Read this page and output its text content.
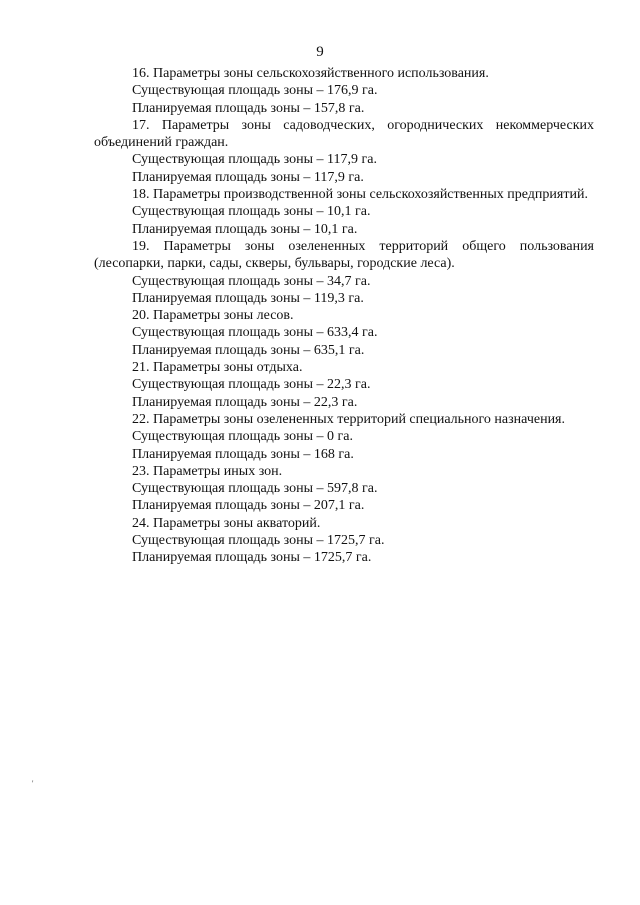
9

16. Параметры зоны сельскохозяйственного использования.

Существующая площадь зоны – 176,9 га.

Планируемая площадь зоны – 157,8 га.

17. Параметры зоны садоводческих, огороднических некоммерческих объединений граждан.

Существующая площадь зоны – 117,9 га.

Планируемая площадь зоны – 117,9 га.

18. Параметры производственной зоны сельскохозяйственных предприятий.

Существующая площадь зоны – 10,1 га.

Планируемая площадь зоны – 10,1 га.

19. Параметры зоны озелененных территорий общего пользования (лесопарки, парки, сады, скверы, бульвары, городские леса).

Существующая площадь зоны – 34,7 га.

Планируемая площадь зоны – 119,3 га.

20. Параметры зоны лесов.

Существующая площадь зоны – 633,4 га.

Планируемая площадь зоны – 635,1 га.

21. Параметры зоны отдыха.

Существующая площадь зоны – 22,3 га.

Планируемая площадь зоны – 22,3 га.

22. Параметры зоны озелененных территорий специального назначения.

Существующая площадь зоны – 0 га.

Планируемая площадь зоны – 168 га.

23. Параметры иных зон.

Существующая площадь зоны – 597,8 га.

Планируемая площадь зоны – 207,1 га.

24. Параметры зоны акваторий.

Существующая площадь зоны – 1725,7 га.

Планируемая площадь зоны – 1725,7 га.

'
